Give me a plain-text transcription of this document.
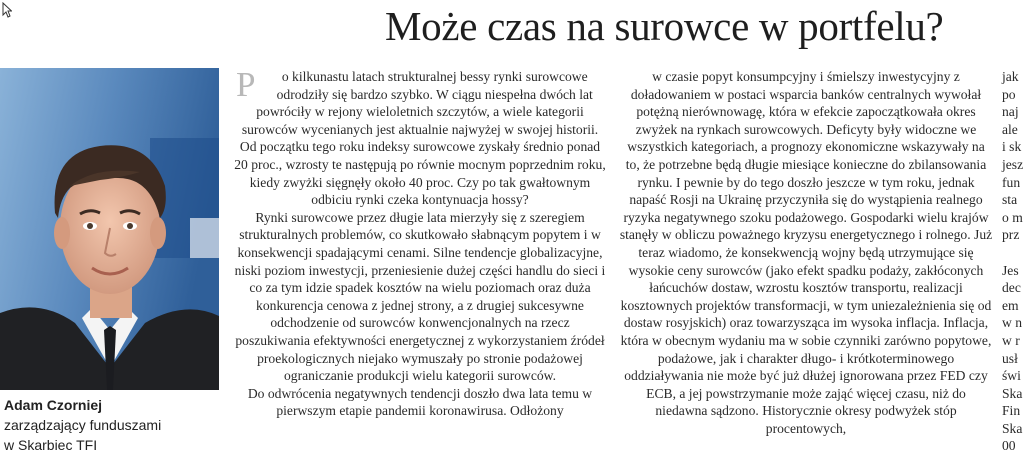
Może czas na surowce w portfelu?
Adam Czorniej
zarządzający funduszami
w Skarbiec TFI

P o kilkunastu latach strukturalnej bessy rynki surowcowe odrodziły się bardzo szybko. W ciągu niespełna dwóch lat powróciły w rejony wieloletnich szczytów, a wiele kategorii surowców wycenianych jest aktualnie najwyżej w swojej historii. Od początku tego roku indeksy surowcowe zyskały średnio ponad 20 proc., wzrosty te następują po równie mocnym poprzednim roku, kiedy zwyżki sięgnęły około 40 proc. Czy po tak gwałtownym odbiciu rynki czeka kontynuacja hossy?

Rynki surowcowe przez długie lata mierzyły się z szeregiem strukturalnych problemów, co skutkowało słabnącym popytem i w konsekwencji spadającymi cenami. Silne tendencje globalizacyjne, niski poziom inwestycji, przeniesienie dużej części handlu do sieci i co za tym idzie spadek kosztów na wielu poziomach oraz duża konkurencja cenowa z jednej strony, a z drugiej sukcesywne odchodzenie od surowców konwencjonalnych na rzecz poszukiwania efektywności energetycznej z wykorzystaniem źródeł proekologicznych niejako wymuszały po stronie podażowej ograniczanie produkcji wielu kategorii surowców.

Do odwrócenia negatywnych tendencji doszło dwa lata temu w pierwszym etapie pandemii koronawirusa. Odłożony

w czasie popyt konsumpcyjny i śmielszy inwestycyjny z doładowaniem w postaci wsparcia banków centralnych wywołał potężną nierównowagę, która w efekcie zapoczątkowała okres zwyżek na rynkach surowcowych. Deficyty były widoczne we wszystkich kategoriach, a prognozy ekonomiczne wskazywały na to, że potrzebne będą długie miesiące konieczne do zbilansowania rynku. I pewnie by do tego doszło jeszcze w tym roku, jednak napaść Rosji na Ukrainę przyczyniła się do wystąpienia realnego ryzyka negatywnego szoku podażowego. Gospodarki wielu krajów stanęły w obliczu poważnego kryzysu energetycznego i rolnego. Już teraz wiadomo, że konsekwencją wojny będą utrzymujące się wysokie ceny surowców (jako efekt spadku podaży, zakłóconych łańcuchów dostaw, wzrostu kosztów transportu, realizacji kosztownych projektów transformacji, w tym uniezależnienia się od dostaw rosyjskich) oraz towarzysząca im wysoka inflacja. Inflacja, która w obecnym wydaniu ma w sobie czynniki zarówno popytowe, podażowe, jak i charakter długo- i krótkoterminowego oddziaływania nie może być już dłużej ignorowana przez FED czy ECB, a jej powstrzymanie może zająć więcej czasu, niż do niedawna sądzono. Historycznie okresy podwyżek stóp procentowych,

jak
po
naj
ale
i sk
jesz
fun
sta
o m
prz

Jes
dec
em
w n
w r
usł
świ
Ska
Fin
Ska
00
